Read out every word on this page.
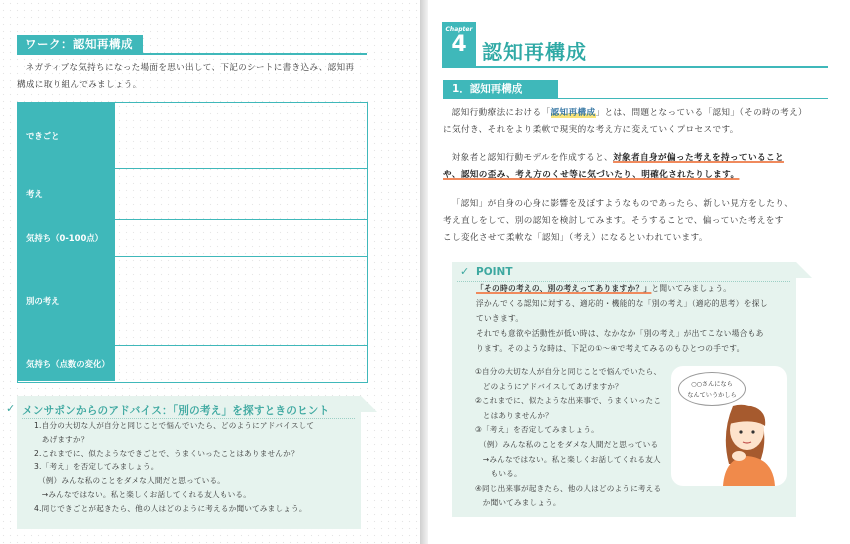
ワーク：認知再構成
ネガティブな気持ちになった場面を思い出して、下記のシートに書き込み、認知再
構成に取り組んでみましょう。
できごと
考え
気持ち（0-100点）
別の考え
気持ち（点数の変化）
✓ メンサポンからのアドバイス：「別の考え」を探すときのヒント
1.自分の大切な人が自分と同じことで悩んでいたら、どのようにアドバイスして
　あげますか？
2.これまでに、似たようなできごとで、うまくいったことはありませんか？
3.「考え」を否定してみましょう。
　（例）みんな私のことをダメな人間だと思っている。
　→みんなではない。私と楽しくお話してくれる友人もいる。
4.同じできごとが起きたら、他の人はどのように考えるか聞いてみましょう。
Chapter
4 認知再構成
1．認知再構成
認知行動療法における「認知再構成」とは、問題となっている「認知」（その時の考え）
に気付き、それをより柔軟で現実的な考え方に変えていくプロセスです。
対象者と認知行動モデルを作成すると、対象者自身が偏った考えを持っていること
や、認知の歪み、考え方のくせ等に気づいたり、明確化されたりします。
「認知」が自身の心身に影響を及ぼすようなものであったら、新しい見方をしたり、
考え直しをして、別の認知を検討してみます。そうすることで、偏っていた考えをす
こし変化させて柔軟な「認知」（考え）になるといわれています。
✓ POINT
「その時の考えの、別の考えってありますか？」と聞いてみましょう。
浮かんでくる認知に対する、適応的・機能的な「別の考え」（適応的思考）を探し
ていきます。
それでも意欲や活動性が低い時は、なかなか「別の考え」が出てこない場合もあ
ります。そのような時は、下記の①～④で考えてみるのもひとつの手です。
①自分の大切な人が自分と同じことで悩んでいたら、
　どのようにアドバイスしてあげますか？
②これまでに、似たような出来事で、うまくいったこ
　とはありませんか？
③「考え」を否定してみましょう。
　（例）みんな私のことをダメな人間だと思っている
　→みんなではない。私と楽しくお話してくれる友人
　　もいる。
④同じ出来事が起きたら、他の人はどのように考える
　か聞いてみましょう。
○○さんになら
なんていうかしら
